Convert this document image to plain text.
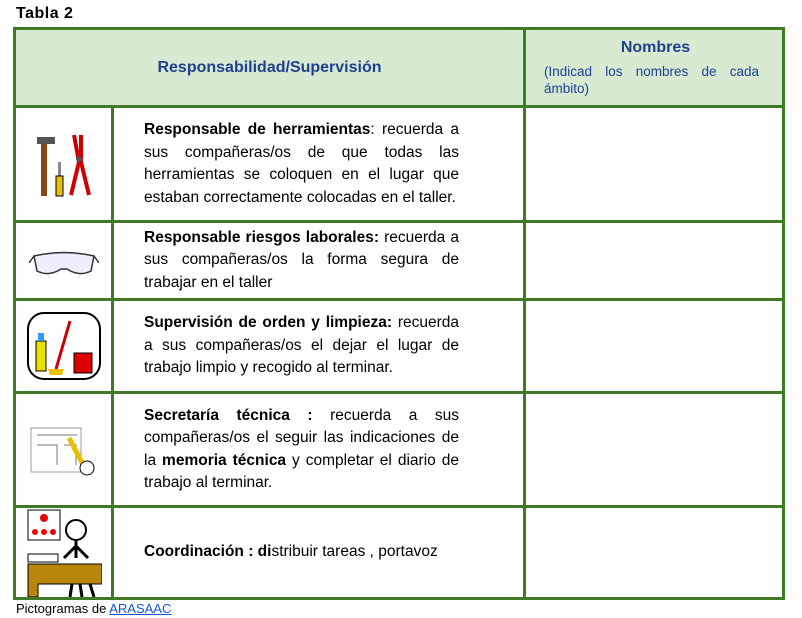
Tabla 2
Responsabilidad/Supervisión
Nombres
(Indicad los nombres de cada ámbito)
Responsable de herramientas: recuerda a sus compañeras/os de que todas las herramientas se coloquen en el lugar que estaban correctamente colocadas en el taller.
Responsable riesgos laborales: recuerda a sus compañeras/os la forma segura de trabajar en el taller
Supervisión de orden y limpieza: recuerda a sus compañeras/os el dejar el lugar de trabajo limpio y recogido al terminar.
Secretaría técnica : recuerda a sus compañeras/os el seguir las indicaciones de la memoria técnica y completar el diario de trabajo al terminar.
Coordinación : distribuir tareas , portavoz
Pictogramas de ARASAAC
